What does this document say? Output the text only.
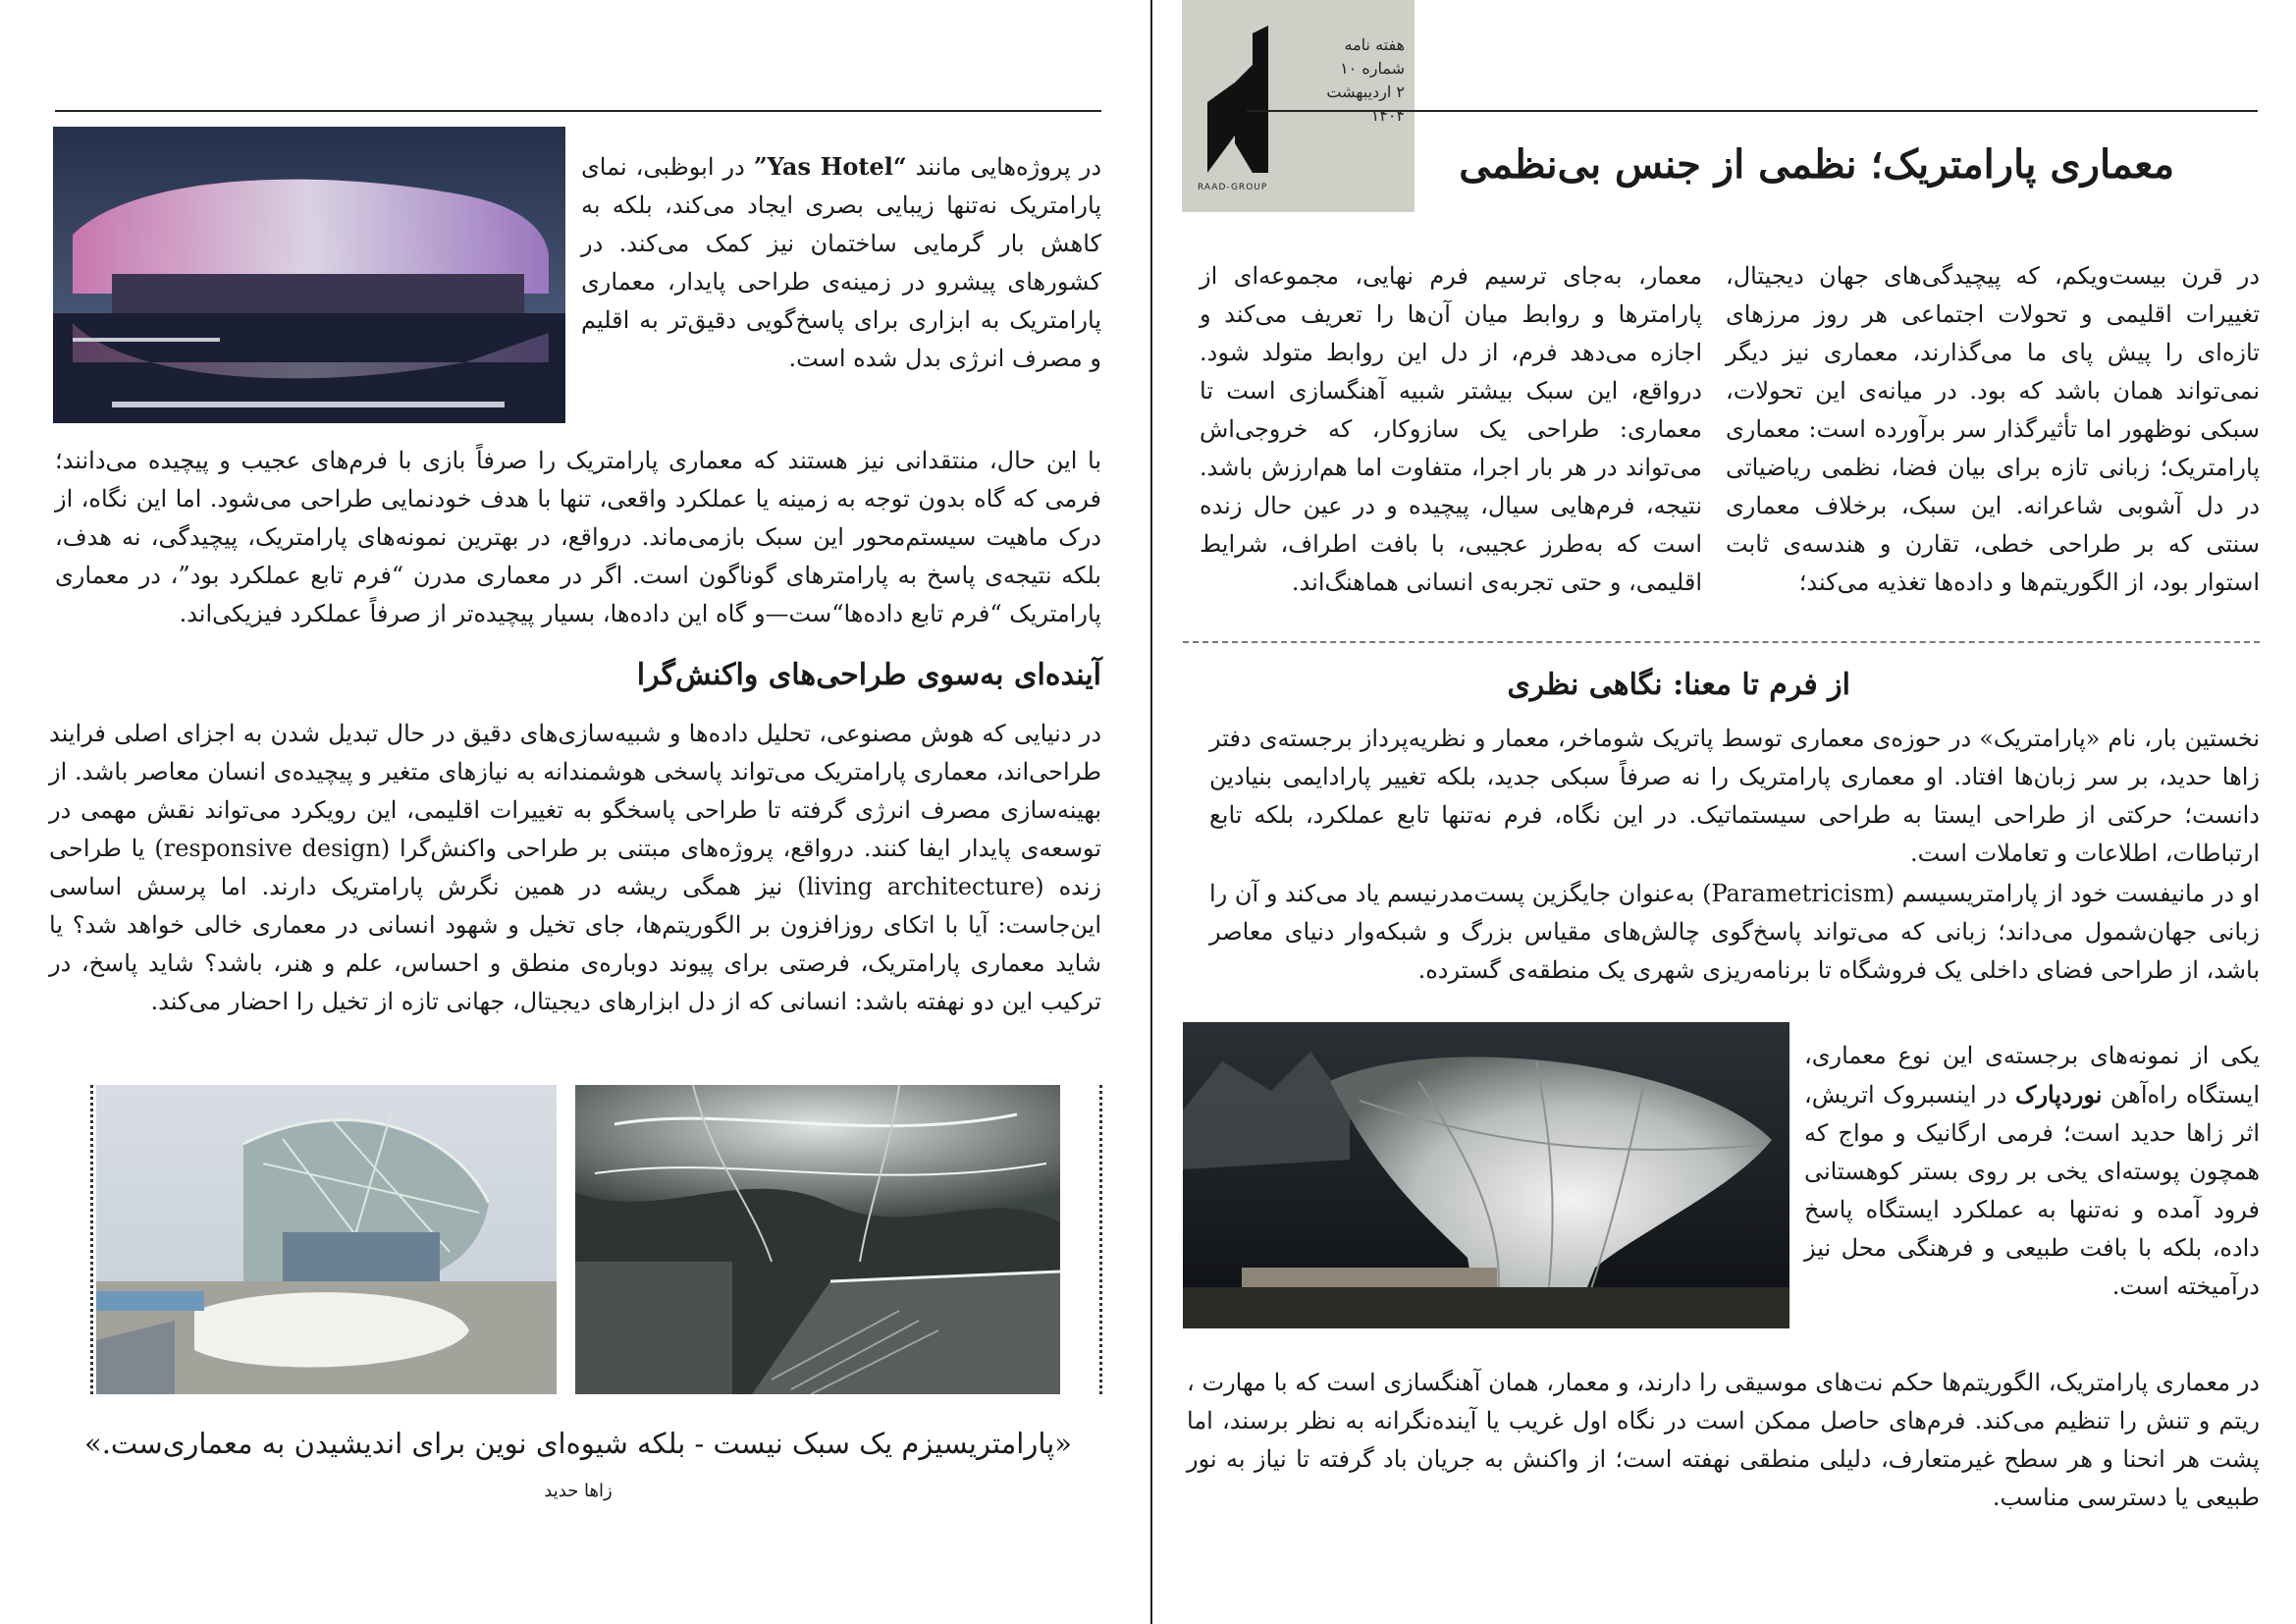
RAAD-GROUP
هفته نامه
شماره ۱۰
۲ اردیبهشت ۱۴۰۴
معماری پارامتریک؛ نظمی از جنس بی‌نظمی

در قرن بیست‌ویکم، که پیچیدگی‌های جهان دیجیتال، تغییرات اقلیمی و تحولات اجتماعی هر روز مرزهای تازه‌ای را پیش پای ما می‌گذارند، معماری نیز دیگر نمی‌تواند همان باشد که بود. در میانه‌ی این تحولات، سبکی نوظهور اما تأثیرگذار سر برآورده است: معماری پارامتریک؛ زبانی تازه برای بیان فضا، نظمی ریاضیاتی در دل آشوبی شاعرانه. این سبک، برخلاف معماری سنتی که بر طراحی خطی، تقارن و هندسه‌ی ثابت استوار بود، از الگوریتم‌ها و داده‌ها تغذیه می‌کند؛

معمار، به‌جای ترسیم فرم نهایی، مجموعه‌ای از پارامترها و روابط میان آن‌ها را تعریف می‌کند و اجازه می‌دهد فرم، از دل این روابط متولد شود. درواقع، این سبک بیشتر شبیه آهنگسازی است تا معماری: طراحی یک سازوکار، که خروجی‌اش می‌تواند در هر بار اجرا، متفاوت اما هم‌ارزش باشد. نتیجه، فرم‌هایی سیال، پیچیده و در عین حال زنده است که به‌طرز عجیبی، با بافت اطراف، شرایط اقلیمی، و حتی تجربه‌ی انسانی هماهنگ‌اند.

از فرم تا معنا: نگاهی نظری

نخستین بار، نام «پارامتریک» در حوزه‌ی معماری توسط پاتریک شوماخر، معمار و نظریه‌پرداز برجسته‌ی دفتر زاها حدید، بر سر زبان‌ها افتاد. او معماری پارامتریک را نه صرفاً سبکی جدید، بلکه تغییر پارادایمی بنیادین دانست؛ حرکتی از طراحی ایستا به طراحی سیستماتیک. در این نگاه، فرم نه‌تنها تابع عملکرد، بلکه تابع ارتباطات، اطلاعات و تعاملات است.

او در مانیفست خود از پارامتریسیسم (Parametricism) به‌عنوان جایگزین پست‌مدرنیسم یاد می‌کند و آن را زبانی جهان‌شمول می‌داند؛ زبانی که می‌تواند پاسخ‌گوی چالش‌های مقیاس بزرگ و شبکه‌وار دنیای معاصر باشد، از طراحی فضای داخلی یک فروشگاه تا برنامه‌ریزی شهری یک منطقه‌ی گسترده.

یکی از نمونه‌های برجسته‌ی این نوع معماری، ایستگاه راه‌آهن نوردپارک در اینسبروک اتریش، اثر زاها حدید است؛ فرمی ارگانیک و مواج که همچون پوسته‌ای یخی بر روی بستر کوهستانی فرود آمده و نه‌تنها به عملکرد ایستگاه پاسخ داده، بلکه با بافت طبیعی و فرهنگی محل نیز درآمیخته است.

در معماری پارامتریک، الگوریتم‌ها حکم نت‌های موسیقی را دارند، و معمار، همان آهنگسازی است که با مهارت ، ریتم و تنش را تنظیم می‌کند. فرم‌های حاصل ممکن است در نگاه اول غریب یا آینده‌نگرانه به نظر برسند، اما پشت هر انحنا و هر سطح غیرمتعارف، دلیلی منطقی نهفته است؛ از واکنش به جریان باد گرفته تا نیاز به نور طبیعی یا دسترسی مناسب.

در پروژه‌هایی مانند “Yas Hotel” در ابوظبی، نمای پارامتریک نه‌تنها زیبایی بصری ایجاد می‌کند، بلکه به کاهش بار گرمایی ساختمان نیز کمک می‌کند. در کشورهای پیشرو در زمینه‌ی طراحی پایدار، معماری پارامتریک به ابزاری برای پاسخ‌گویی دقیق‌تر به اقلیم و مصرف انرژی بدل شده است.

با این حال، منتقدانی نیز هستند که معماری پارامتریک را صرفاً بازی با فرم‌های عجیب و پیچیده می‌دانند؛ فرمی که گاه بدون توجه به زمینه یا عملکرد واقعی، تنها با هدف خودنمایی طراحی می‌شود. اما این نگاه، از درک ماهیت سیستم‌محور این سبک بازمی‌ماند. درواقع، در بهترین نمونه‌های پارامتریک، پیچیدگی، نه هدف، بلکه نتیجه‌ی پاسخ به پارامترهای گوناگون است. اگر در معماری مدرن “فرم تابع عملکرد بود”، در معماری پارامتریک “فرم تابع داده‌ها“ست—و گاه این داده‌ها، بسیار پیچیده‌تر از صرفاً عملکرد فیزیکی‌اند.

آینده‌ای به‌سوی طراحی‌های واکنش‌گرا

در دنیایی که هوش مصنوعی، تحلیل داده‌ها و شبیه‌سازی‌های دقیق در حال تبدیل شدن به اجزای اصلی فرایند طراحی‌اند، معماری پارامتریک می‌تواند پاسخی هوشمندانه به نیازهای متغیر و پیچیده‌ی انسان معاصر باشد. از بهینه‌سازی مصرف انرژی گرفته تا طراحی پاسخگو به تغییرات اقلیمی، این رویکرد می‌تواند نقش مهمی در توسعه‌ی پایدار ایفا کنند. درواقع، پروژه‌های مبتنی بر طراحی واکنش‌گرا (responsive design) یا طراحی زنده (living architecture) نیز همگی ریشه در همین نگرش پارامتریک دارند. اما پرسش اساسی این‌جاست: آیا با اتکای روزافزون بر الگوریتم‌ها، جای تخیل و شهود انسانی در معماری خالی خواهد شد؟ یا شاید معماری پارامتریک، فرصتی برای پیوند دوباره‌ی منطق و احساس، علم و هنر، باشد؟ شاید پاسخ، در ترکیب این دو نهفته باشد: انسانی که از دل ابزارهای دیجیتال، جهانی تازه از تخیل را احضار می‌کند.

«پارامتریسیزم یک سبک نیست - بلکه شیوه‌ای نوین برای اندیشیدن به معماری‌ست.»
زاها حدید
